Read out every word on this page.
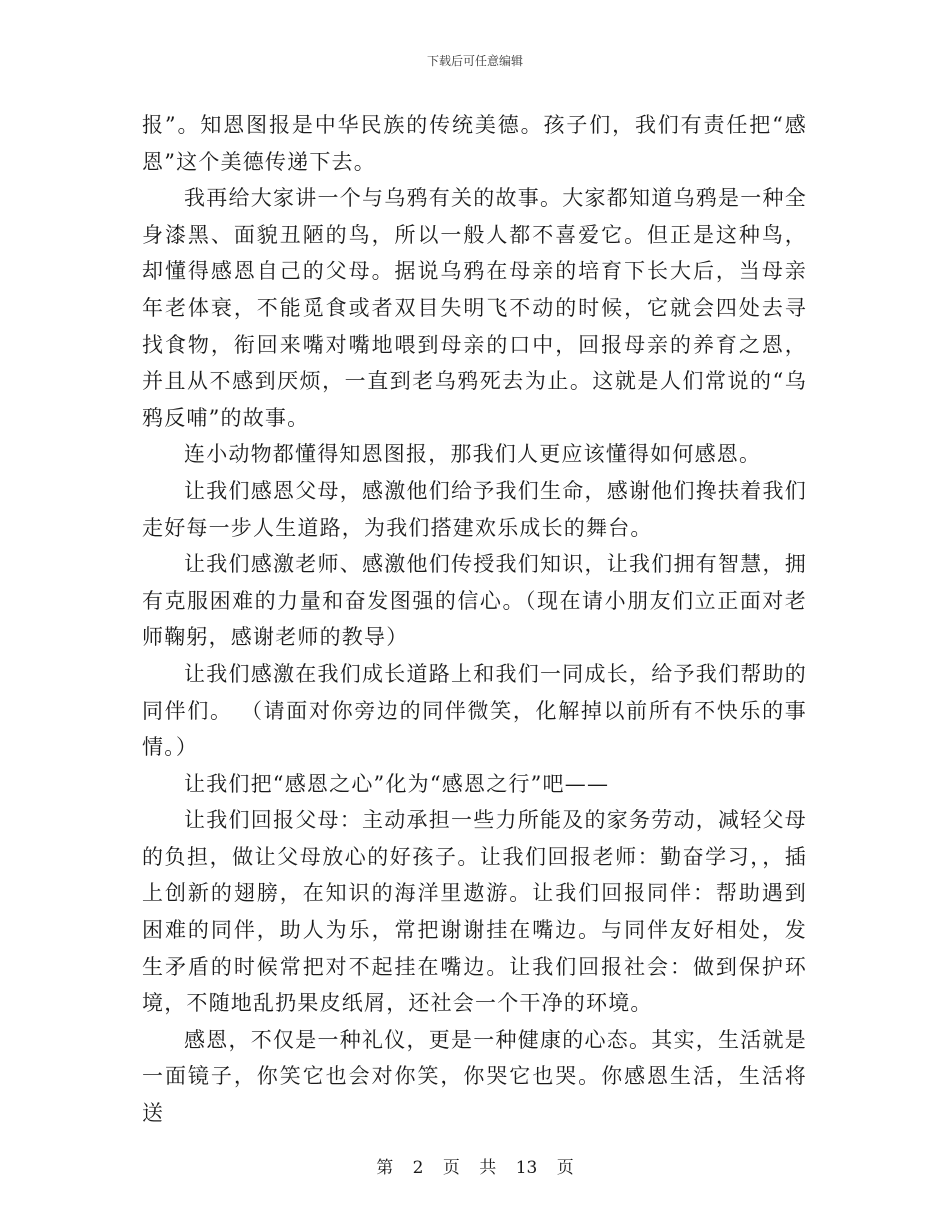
下载后可任意编辑

报”。知恩图报是中华民族的传统美德。孩子们，我们有责任把“感恩”这个美德传递下去。

我再给大家讲一个与乌鸦有关的故事。大家都知道乌鸦是一种全身漆黑、面貌丑陋的鸟，所以一般人都不喜爱它。但正是这种鸟，却懂得感恩自己的父母。据说乌鸦在母亲的培育下长大后，当母亲年老体衰，不能觅食或者双目失明飞不动的时候，它就会四处去寻找食物，衔回来嘴对嘴地喂到母亲的口中，回报母亲的养育之恩，并且从不感到厌烦，一直到老乌鸦死去为止。这就是人们常说的“乌鸦反哺”的故事。

连小动物都懂得知恩图报，那我们人更应该懂得如何感恩。

让我们感恩父母，感激他们给予我们生命，感谢他们搀扶着我们走好每一步人生道路，为我们搭建欢乐成长的舞台。

让我们感激老师、感激他们传授我们知识，让我们拥有智慧，拥有克服困难的力量和奋发图强的信心。（现在请小朋友们立正面对老师鞠躬，感谢老师的教导）

让我们感激在我们成长道路上和我们一同成长，给予我们帮助的同伴们。 （请面对你旁边的同伴微笑，化解掉以前所有不快乐的事情。）

让我们把“感恩之心”化为“感恩之行”吧——

让我们回报父母：主动承担一些力所能及的家务劳动，减轻父母的负担，做让父母放心的好孩子。让我们回报老师：勤奋学习，，插上创新的翅膀，在知识的海洋里遨游。让我们回报同伴：帮助遇到困难的同伴，助人为乐，常把谢谢挂在嘴边。与同伴友好相处，发生矛盾的时候常把对不起挂在嘴边。让我们回报社会：做到保护环境，不随地乱扔果皮纸屑，还社会一个干净的环境。

感恩，不仅是一种礼仪，更是一种健康的心态。其实，生活就是一面镜子，你笑它也会对你笑，你哭它也哭。你感恩生活，生活将送

第 2 页 共 13 页
